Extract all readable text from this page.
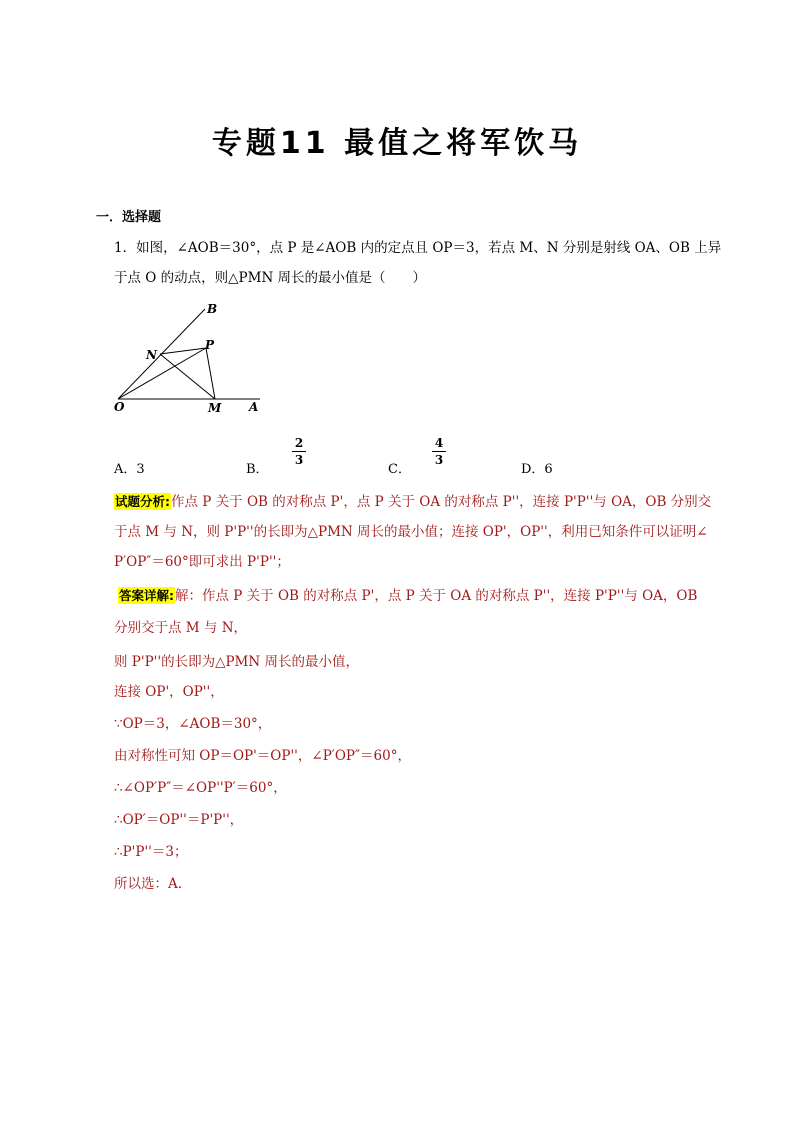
专题11 最值之将军饮马
一．选择题
1．如图，∠AOB＝30°，点 P 是∠AOB 内的定点且 OP＝3，若点 M、N 分别是射线 OA、OB 上异
于点 O 的动点，则△PMN 周长的最小值是（　　）
B
N
P
O	M A
A．3	B．
2
3
C．
4
3
D．6
试题分析:作点 P 关于 OB 的对称点 P'，点 P 关于 OA 的对称点 P''，连接 P'P''与 OA，OB 分别交
于点 M 与 N，则 P'P''的长即为△PMN 周长的最小值；连接 OP'，OP''，利用已知条件可以证明∠
P′OP″＝60°即可求出 P'P''；
答案详解:解：作点 P 关于 OB 的对称点 P'，点 P 关于 OA 的对称点 P''，连接 P'P''与 OA，OB
分别交于点 M 与 N，
则 P'P''的长即为△PMN 周长的最小值，
连接 OP'，OP''，
∵OP＝3，∠AOB＝30°，
由对称性可知 OP＝OP'＝OP''，∠P′OP″＝60°，
∴∠OP′P″＝∠OP''P′＝60°，
∴OP′＝OP''＝P'P''，
∴P'P''＝3；
所以选：A.
